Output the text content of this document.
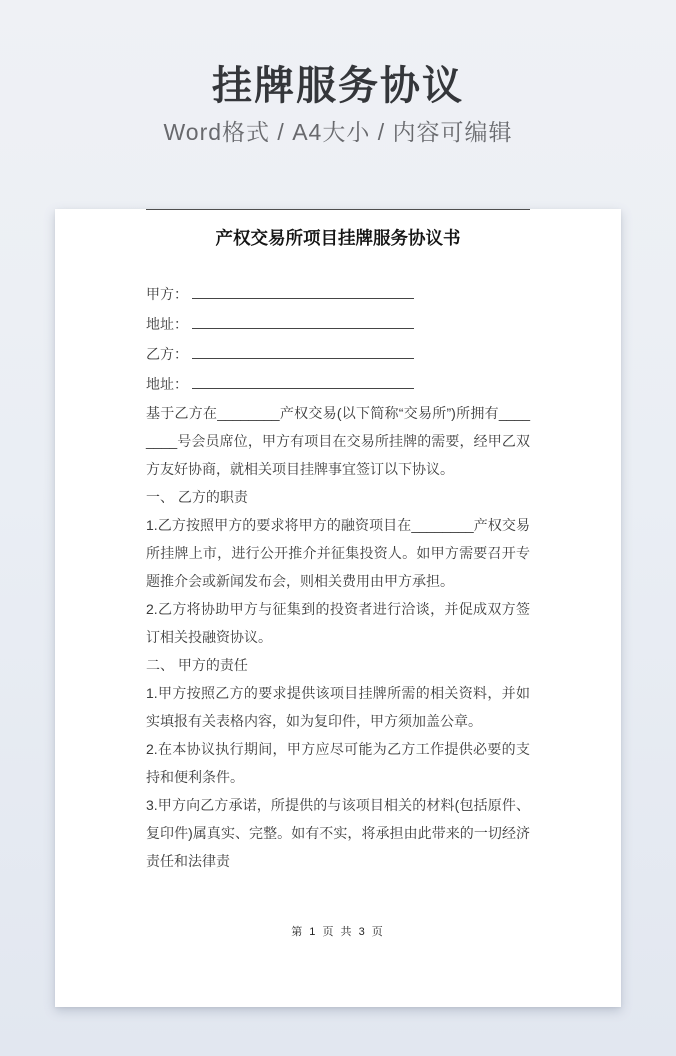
挂牌服务协议

Word格式 / A4大小 / 内容可编辑

产权交易所项目挂牌服务协议书

甲方：

地址：

乙方：

地址：

基于乙方在________产权交易(以下简称“交易所”)所拥有________号会员席位，甲方有项目在交易所挂牌的需要，经甲乙双方友好协商，就相关项目挂牌事宜签订以下协议。

一、 乙方的职责

1.乙方按照甲方的要求将甲方的融资项目在________产权交易所挂牌上市，进行公开推介并征集投资人。如甲方需要召开专题推介会或新闻发布会，则相关费用由甲方承担。

2.乙方将协助甲方与征集到的投资者进行洽谈，并促成双方签订相关投融资协议。

二、 甲方的责任

1.甲方按照乙方的要求提供该项目挂牌所需的相关资料，并如实填报有关表格内容，如为复印件，甲方须加盖公章。

2.在本协议执行期间，甲方应尽可能为乙方工作提供必要的支持和便利条件。

3.甲方向乙方承诺，所提供的与该项目相关的材料(包括原件、复印件)属真实、完整。如有不实，将承担由此带来的一切经济责任和法律责

第 1 页 共 3 页
